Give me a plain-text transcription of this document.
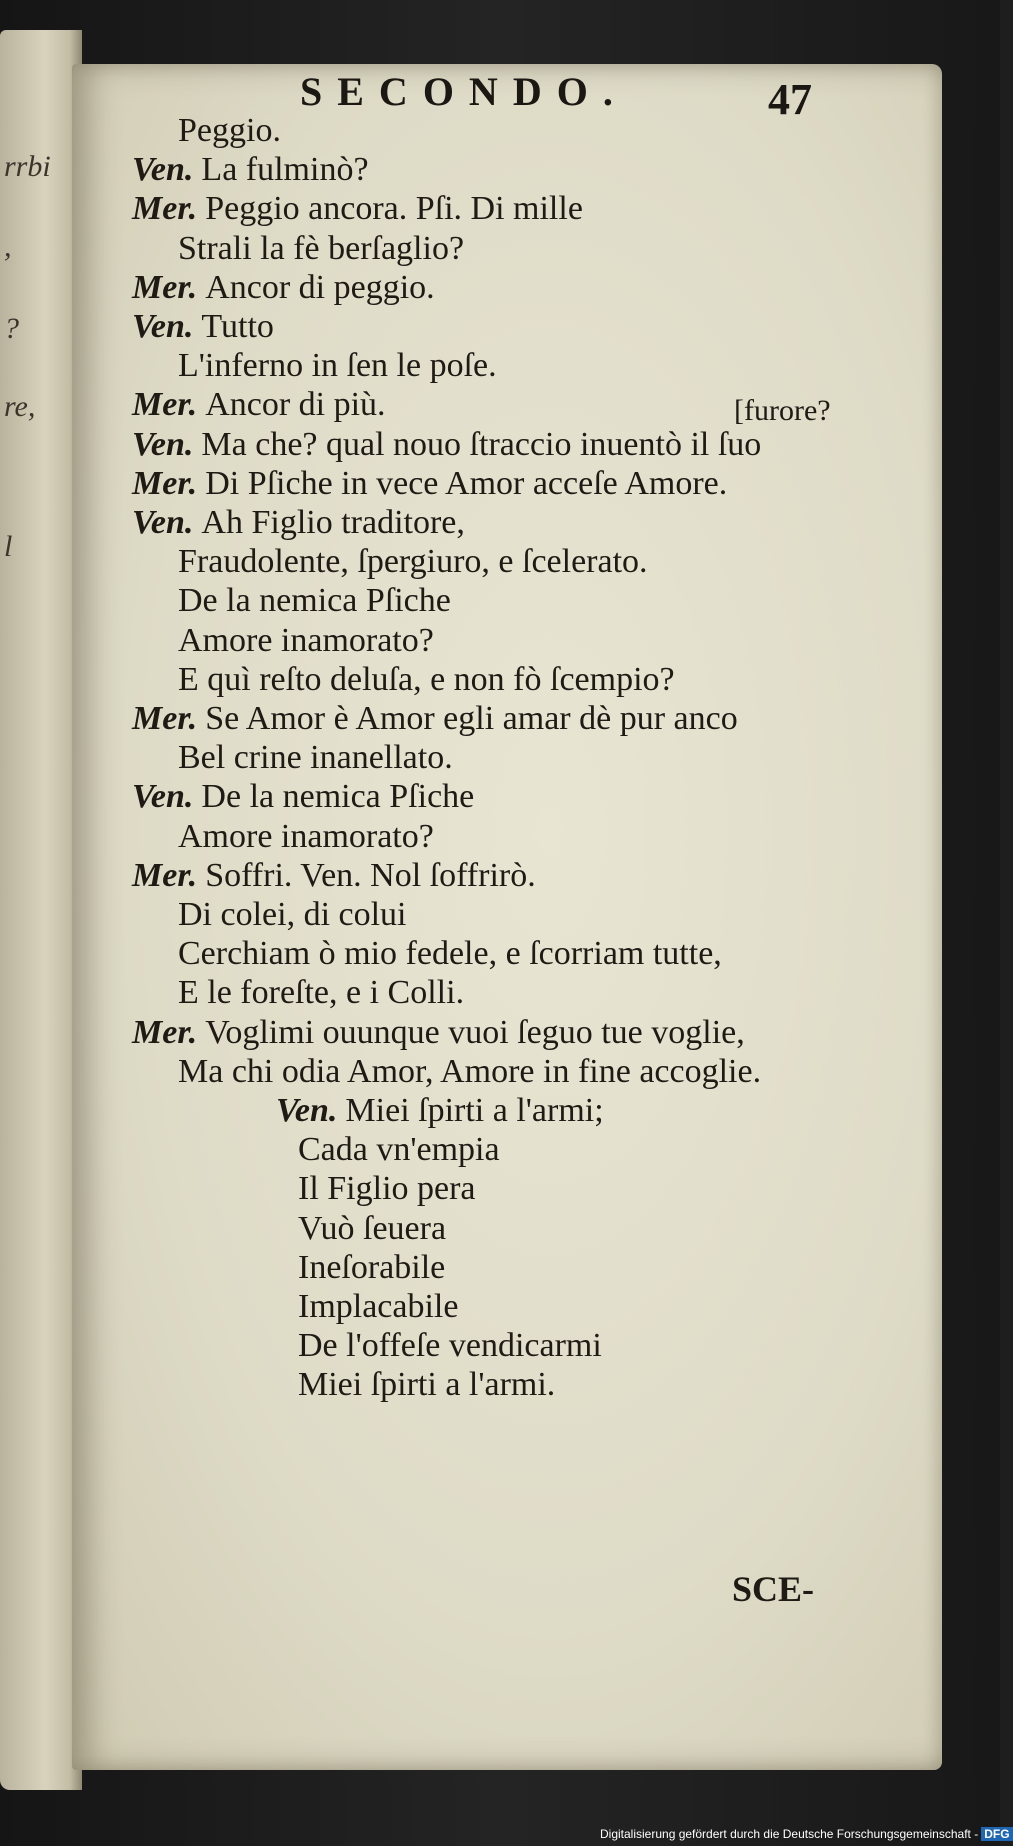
rrbi
,
?
re,
l
SECONDO.	47
[furore?
Peggio.
Ven. La fulminò?
Mer. Peggio ancora. Pſi. Di mille
Strali la fè berſaglio?
Mer. Ancor di peggio.
Ven. Tutto
L'inferno in ſen le poſe.
Mer. Ancor di più.
Ven. Ma che? qual nouo ſtraccio inuentò il ſuo
Mer. Di Pſiche in vece Amor acceſe Amore.
Ven. Ah Figlio traditore,
Fraudolente, ſpergiuro, e ſcelerato.
De la nemica Pſiche
Amore inamorato?
E quì reſto deluſa, e non fò ſcempio?
Mer. Se Amor è Amor egli amar dè pur anco
Bel crine inanellato.
Ven. De la nemica Pſiche
Amore inamorato?
Mer. Soffri. Ven. Nol ſoffrirò.
Di colei, di colui
Cerchiam ò mio fedele, e ſcorriam tutte,
E le foreſte, e i Colli.
Mer. Voglimi ouunque vuoi ſeguo tue voglie,
Ma chi odia Amor, Amore in fine accoglie.
Ven. Miei ſpirti a l'armi;
Cada vn'empia
Il Figlio pera
Vuò ſeuera
Ineſorabile
Implacabile
De l'offeſe vendicarmi
Miei ſpirti a l'armi.
SCE-
Digitalisierung gefördert durch die Deutsche Forschungsgemeinschaft - DFG
